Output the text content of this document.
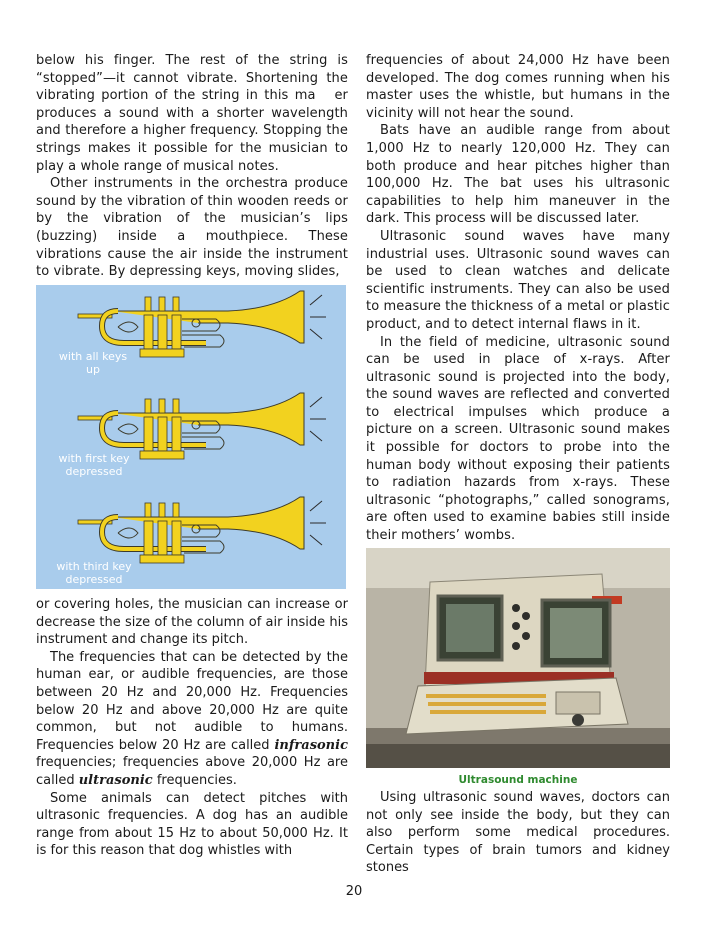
below his finger. The rest of the string is “stopped”—it cannot vibrate. Shortening the vibrating portion of the string in this ma   er produces a sound with a shorter wavelength and therefore a higher frequency. Stopping the strings makes it possible for the musician to play a whole range of musical notes.

Other instruments in the orchestra produce sound by the vibration of thin wooden reeds or by the vibration of the musician’s lips (buzzing) inside a mouthpiece. These vibrations cause the air inside the instrument to vibrate. By depressing keys, moving slides,

with all keys up
with first key depressed
with third key depressed

or covering holes, the musician can increase or decrease the size of the column of air inside his instrument and change its pitch.

The frequencies that can be detected by the human ear, or audible frequencies, are those between 20 Hz and 20,000 Hz. Frequencies below 20 Hz and above 20,000 Hz are quite common, but not audible to humans. Frequencies below 20 Hz are called infrasonic frequencies; frequencies above 20,000 Hz are called ultrasonic frequencies.

Some animals can detect pitches with ultrasonic frequencies. A dog has an audible range from about 15 Hz to about 50,000 Hz. It is for this reason that dog whistles with

frequencies of about 24,000 Hz have been developed. The dog comes running when his master uses the whistle, but humans in the vicinity will not hear the sound.

Bats have an audible range from about 1,000 Hz to nearly 120,000 Hz. They can both produce and hear pitches higher than 100,000 Hz. The bat uses his ultrasonic capabilities to help him maneuver in the dark. This process will be discussed later.

Ultrasonic sound waves have many industrial uses. Ultrasonic sound waves can be used to clean watches and delicate scientific instruments. They can also be used to measure the thickness of a metal or plastic product, and to detect internal flaws in it.

In the field of medicine, ultrasonic sound can be used in place of x-rays. After ultrasonic sound is projected into the body, the sound waves are reflected and converted to electrical impulses which produce a picture on a screen. Ultrasonic sound makes it possible for doctors to probe into the human body without exposing their patients to radiation hazards from x-rays. These ultrasonic “photographs,” called sonograms, are often used to examine babies still inside their mothers’ wombs.

Ultrasound machine

Using ultrasonic sound waves, doctors can not only see inside the body, but they can also perform some medical procedures. Certain types of brain tumors and kidney stones

20
